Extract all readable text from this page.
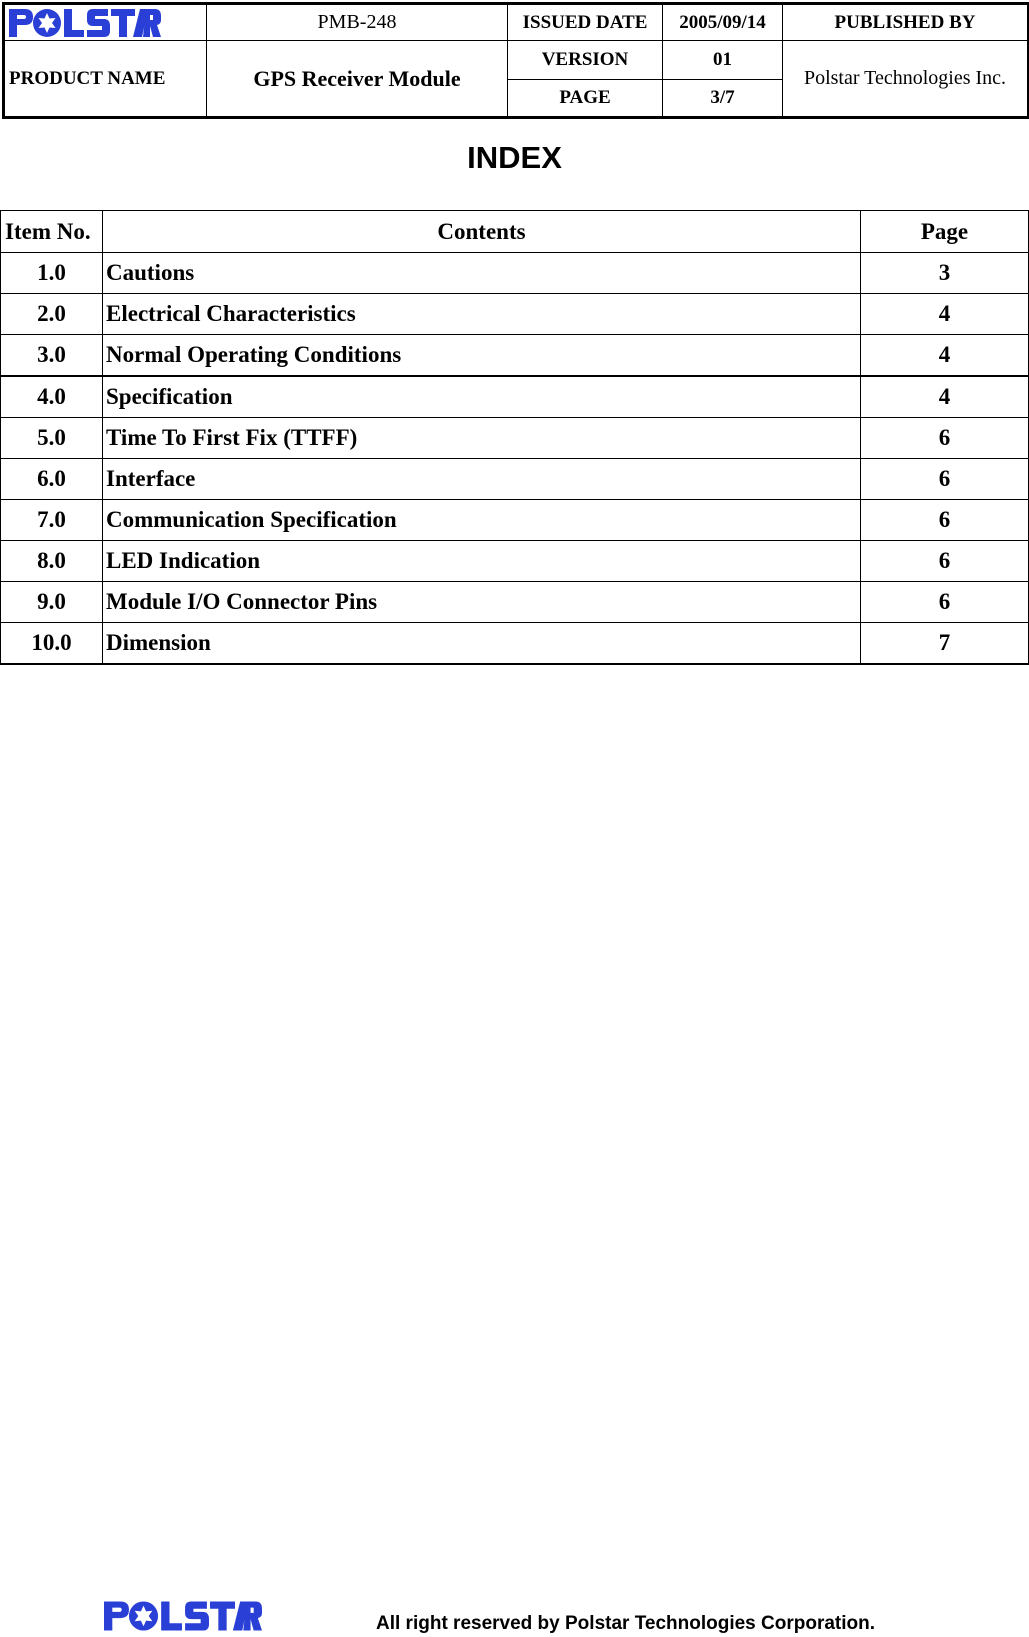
	PMB-248	ISSUED DATE	2005/09/14	PUBLISHED BY
PRODUCT NAME	GPS Receiver Module	VERSION	01	Polstar Technologies Inc.
		PAGE	3/7	
INDEX
Item No.	Contents	Page
1.0	Cautions	3
2.0	Electrical Characteristics	4
3.0	Normal Operating Conditions	4
4.0	Specification	4
5.0	Time To First Fix (TTFF)	6
6.0	Interface	6
7.0	Communication Specification	6
8.0	LED Indication	6
9.0	Module I/O Connector Pins	6
10.0	Dimension	7
All right reserved by Polstar Technologies Corporation.
